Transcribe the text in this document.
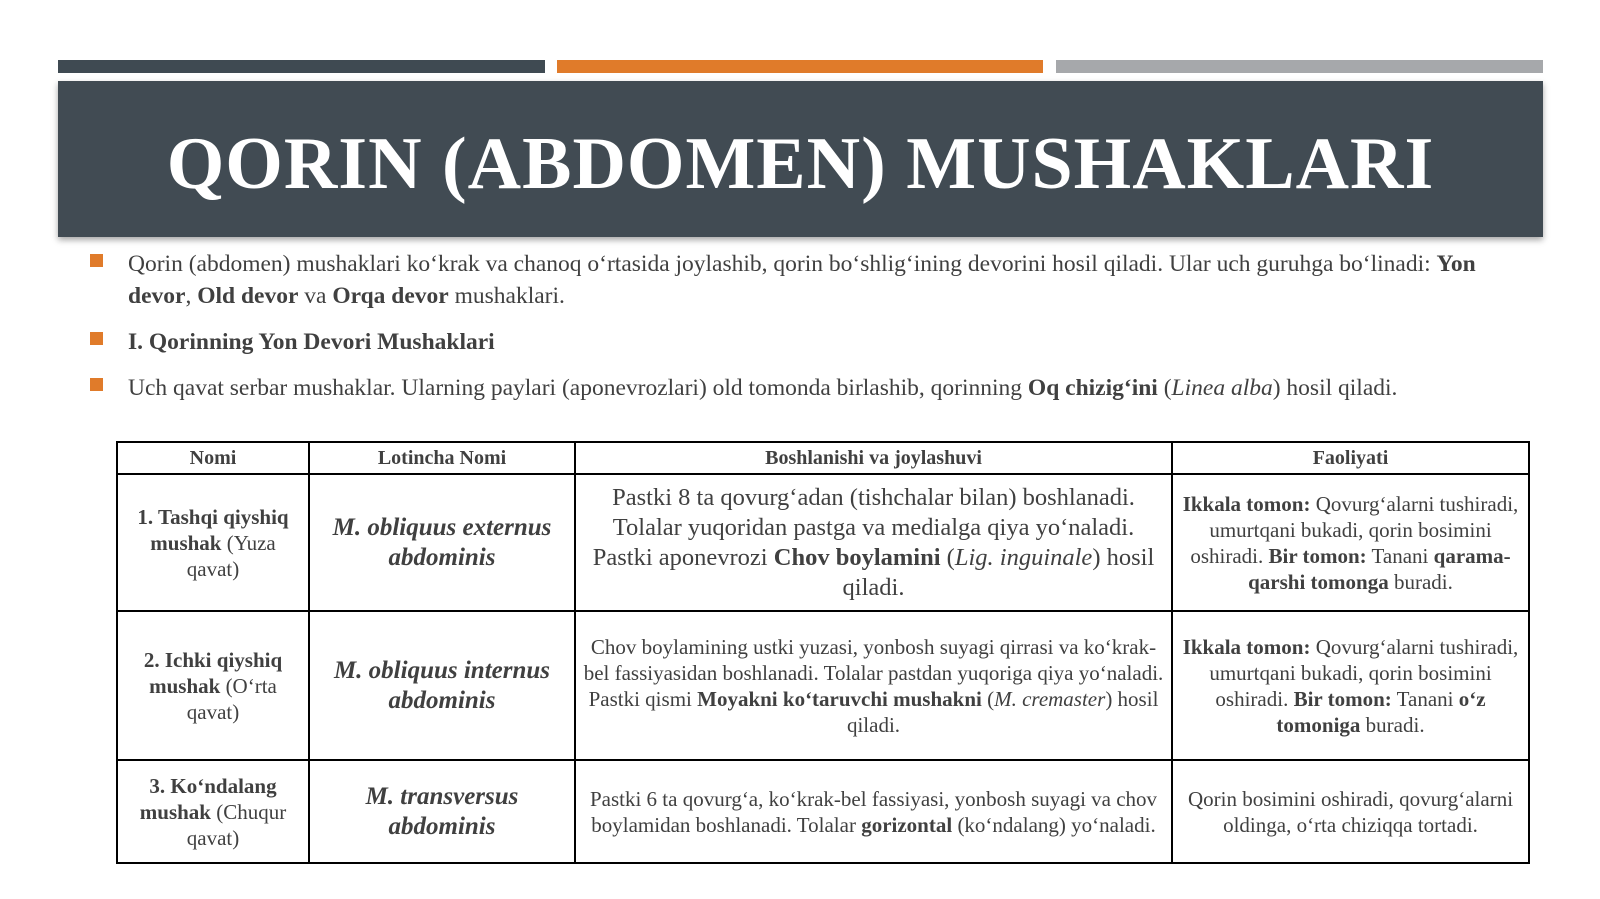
QORIN (ABDOMEN) MUSHAKLARI
Qorin (abdomen) mushaklari ko‘krak va chanoq o‘rtasida joylashib, qorin bo‘shlig‘ining devorini hosil qiladi. Ular uch guruhga bo‘linadi: Yon devor, Old devor va Orqa devor mushaklari.
I. Qorinning Yon Devori Mushaklari
Uch qavat serbar mushaklar. Ularning paylari (aponevrozlari) old tomonda birlashib, qorinning Oq chizig‘ini (Linea alba) hosil qiladi.
Nomi	Lotincha Nomi	Boshlanishi va joylashuvi	Faoliyati
1. Tashqi qiyshiq mushak (Yuza qavat)	M. obliquus externus abdominis	Pastki 8 ta qovurg‘adan (tishchalar bilan) boshlanadi. Tolalar yuqoridan pastga va medialga qiya yo‘naladi. Pastki aponevrozi Chov boylamini (Lig. inguinale) hosil qiladi.	Ikkala tomon: Qovurg‘alarni tushiradi, umurtqani bukadi, qorin bosimini oshiradi. Bir tomon: Tanani qarama-qarshi tomonga buradi.
2. Ichki qiyshiq mushak (O‘rta qavat)	M. obliquus internus abdominis	Chov boylamining ustki yuzasi, yonbosh suyagi qirrasi va ko‘krak-bel fassiyasidan boshlanadi. Tolalar pastdan yuqoriga qiya yo‘naladi. Pastki qismi Moyakni ko‘taruvchi mushakni (M. cremaster) hosil qiladi.	Ikkala tomon: Qovurg‘alarni tushiradi, umurtqani bukadi, qorin bosimini oshiradi. Bir tomon: Tanani o‘z tomoniga buradi.
3. Ko‘ndalang mushak (Chuqur qavat)	M. transversus abdominis	Pastki 6 ta qovurg‘a, ko‘krak-bel fassiyasi, yonbosh suyagi va chov boylamidan boshlanadi. Tolalar gorizontal (ko‘ndalang) yo‘naladi.	Qorin bosimini oshiradi, qovurg‘alarni oldinga, o‘rta chiziqqa tortadi.
